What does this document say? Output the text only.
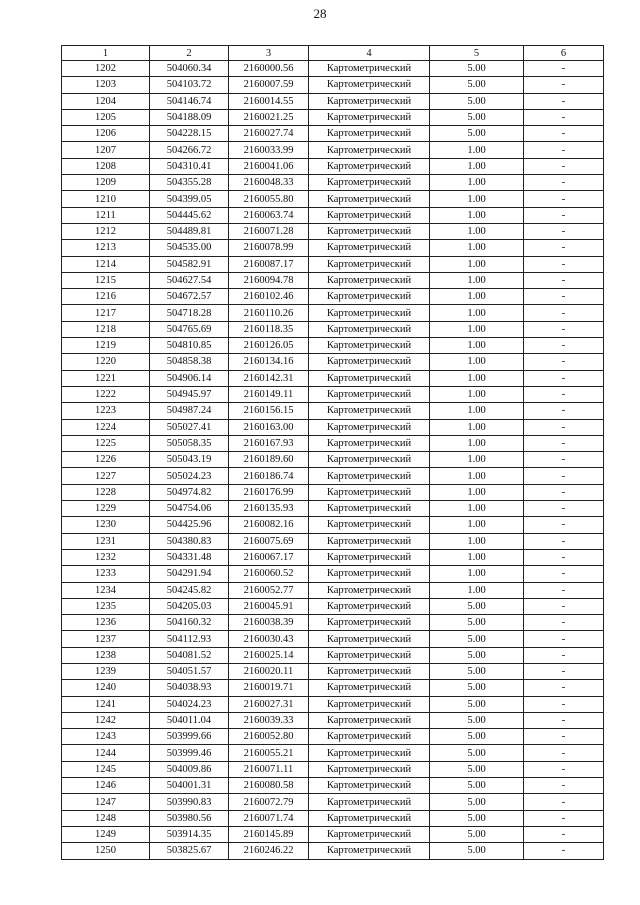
28
1	2	3	4	5	6
1202	504060.34	2160000.56	Картометрический	5.00	-
1203	504103.72	2160007.59	Картометрический	5.00	-
1204	504146.74	2160014.55	Картометрический	5.00	-
1205	504188.09	2160021.25	Картометрический	5.00	-
1206	504228.15	2160027.74	Картометрический	5.00	-
1207	504266.72	2160033.99	Картометрический	1.00	-
1208	504310.41	2160041.06	Картометрический	1.00	-
1209	504355.28	2160048.33	Картометрический	1.00	-
1210	504399.05	2160055.80	Картометрический	1.00	-
1211	504445.62	2160063.74	Картометрический	1.00	-
1212	504489.81	2160071.28	Картометрический	1.00	-
1213	504535.00	2160078.99	Картометрический	1.00	-
1214	504582.91	2160087.17	Картометрический	1.00	-
1215	504627.54	2160094.78	Картометрический	1.00	-
1216	504672.57	2160102.46	Картометрический	1.00	-
1217	504718.28	2160110.26	Картометрический	1.00	-
1218	504765.69	2160118.35	Картометрический	1.00	-
1219	504810.85	2160126.05	Картометрический	1.00	-
1220	504858.38	2160134.16	Картометрический	1.00	-
1221	504906.14	2160142.31	Картометрический	1.00	-
1222	504945.97	2160149.11	Картометрический	1.00	-
1223	504987.24	2160156.15	Картометрический	1.00	-
1224	505027.41	2160163.00	Картометрический	1.00	-
1225	505058.35	2160167.93	Картометрический	1.00	-
1226	505043.19	2160189.60	Картометрический	1.00	-
1227	505024.23	2160186.74	Картометрический	1.00	-
1228	504974.82	2160176.99	Картометрический	1.00	-
1229	504754.06	2160135.93	Картометрический	1.00	-
1230	504425.96	2160082.16	Картометрический	1.00	-
1231	504380.83	2160075.69	Картометрический	1.00	-
1232	504331.48	2160067.17	Картометрический	1.00	-
1233	504291.94	2160060.52	Картометрический	1.00	-
1234	504245.82	2160052.77	Картометрический	1.00	-
1235	504205.03	2160045.91	Картометрический	5.00	-
1236	504160.32	2160038.39	Картометрический	5.00	-
1237	504112.93	2160030.43	Картометрический	5.00	-
1238	504081.52	2160025.14	Картометрический	5.00	-
1239	504051.57	2160020.11	Картометрический	5.00	-
1240	504038.93	2160019.71	Картометрический	5.00	-
1241	504024.23	2160027.31	Картометрический	5.00	-
1242	504011.04	2160039.33	Картометрический	5.00	-
1243	503999.66	2160052.80	Картометрический	5.00	-
1244	503999.46	2160055.21	Картометрический	5.00	-
1245	504009.86	2160071.11	Картометрический	5.00	-
1246	504001.31	2160080.58	Картометрический	5.00	-
1247	503990.83	2160072.79	Картометрический	5.00	-
1248	503980.56	2160071.74	Картометрический	5.00	-
1249	503914.35	2160145.89	Картометрический	5.00	-
1250	503825.67	2160246.22	Картометрический	5.00	-
